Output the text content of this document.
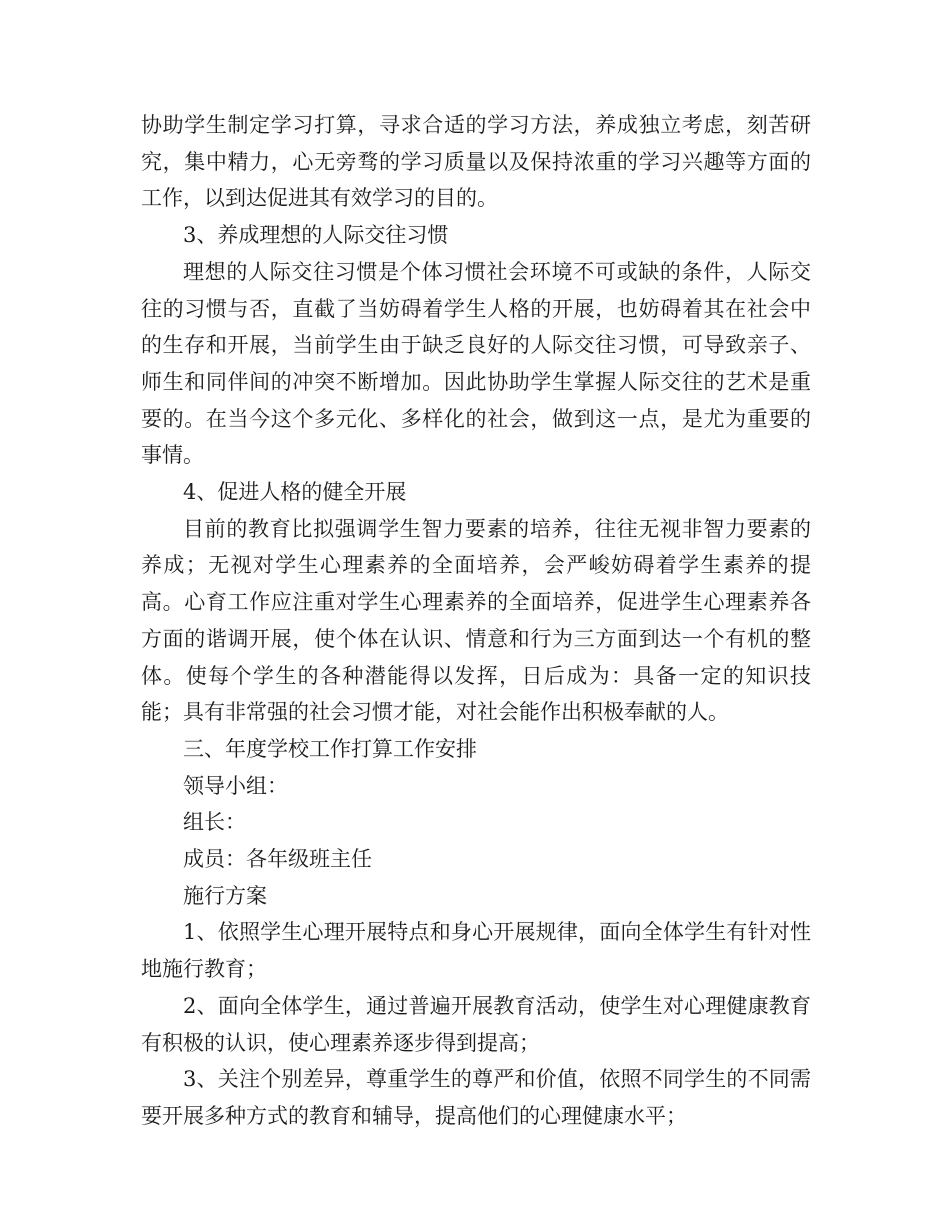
协助学生制定学习打算，寻求合适的学习方法，养成独立考虑，刻苦研究，集中精力，心无旁骛的学习质量以及保持浓重的学习兴趣等方面的工作，以到达促进其有效学习的目的。

3、养成理想的人际交往习惯

理想的人际交往习惯是个体习惯社会环境不可或缺的条件，人际交往的习惯与否，直截了当妨碍着学生人格的开展，也妨碍着其在社会中的生存和开展，当前学生由于缺乏良好的人际交往习惯，可导致亲子、师生和同伴间的冲突不断增加。因此协助学生掌握人际交往的艺术是重要的。在当今这个多元化、多样化的社会，做到这一点，是尤为重要的事情。

4、促进人格的健全开展

目前的教育比拟强调学生智力要素的培养，往往无视非智力要素的养成；无视对学生心理素养的全面培养，会严峻妨碍着学生素养的提高。心育工作应注重对学生心理素养的全面培养，促进学生心理素养各方面的谐调开展，使个体在认识、情意和行为三方面到达一个有机的整体。使每个学生的各种潜能得以发挥，日后成为：具备一定的知识技能；具有非常强的社会习惯才能，对社会能作出积极奉献的人。

三、年度学校工作打算工作安排

领导小组：

组长：

成员：各年级班主任

施行方案

1、依照学生心理开展特点和身心开展规律，面向全体学生有针对性地施行教育；

2、面向全体学生，通过普遍开展教育活动，使学生对心理健康教育有积极的认识，使心理素养逐步得到提高；

3、关注个别差异，尊重学生的尊严和价值，依照不同学生的不同需要开展多种方式的教育和辅导，提高他们的心理健康水平；
